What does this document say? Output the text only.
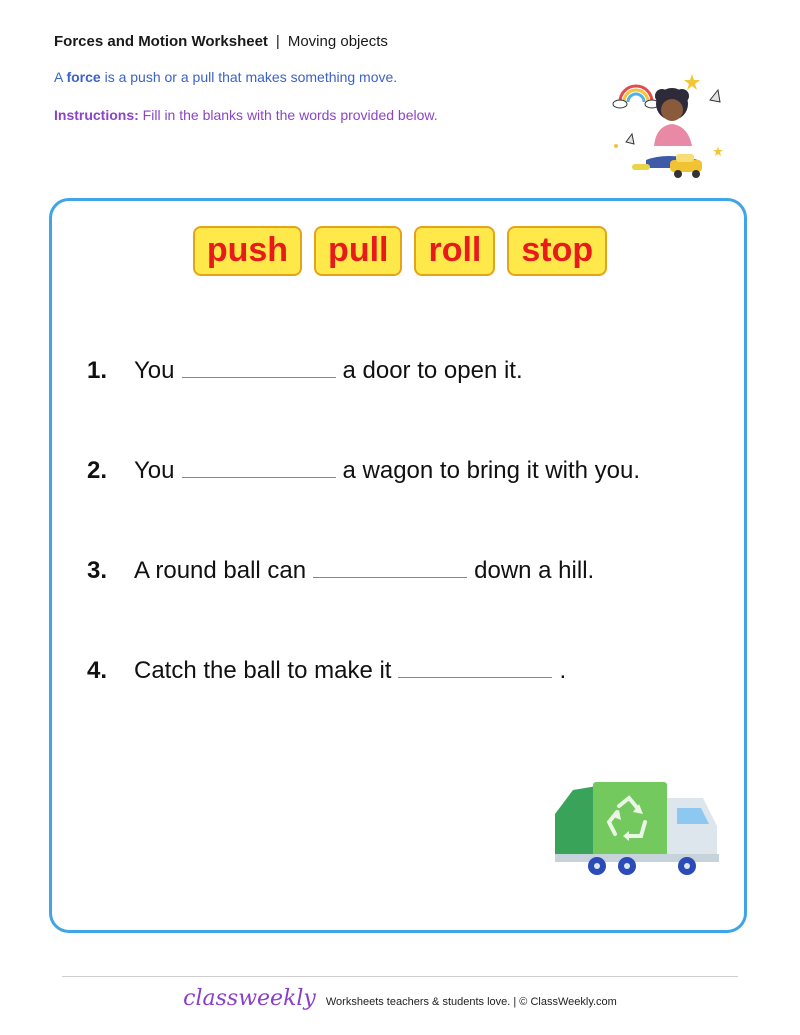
Forces and Motion Worksheet | Moving objects
A force is a push or a pull that makes something move.
Instructions: Fill in the blanks with the words provided below.
push	pull	roll	stop
1.	You	a door to open it.
2.	You	a wagon to bring it with you.
3.	A round ball can	down a hill.
4.	Catch the ball to make it	.
classweekly Worksheets teachers & students love. | © ClassWeekly.com
